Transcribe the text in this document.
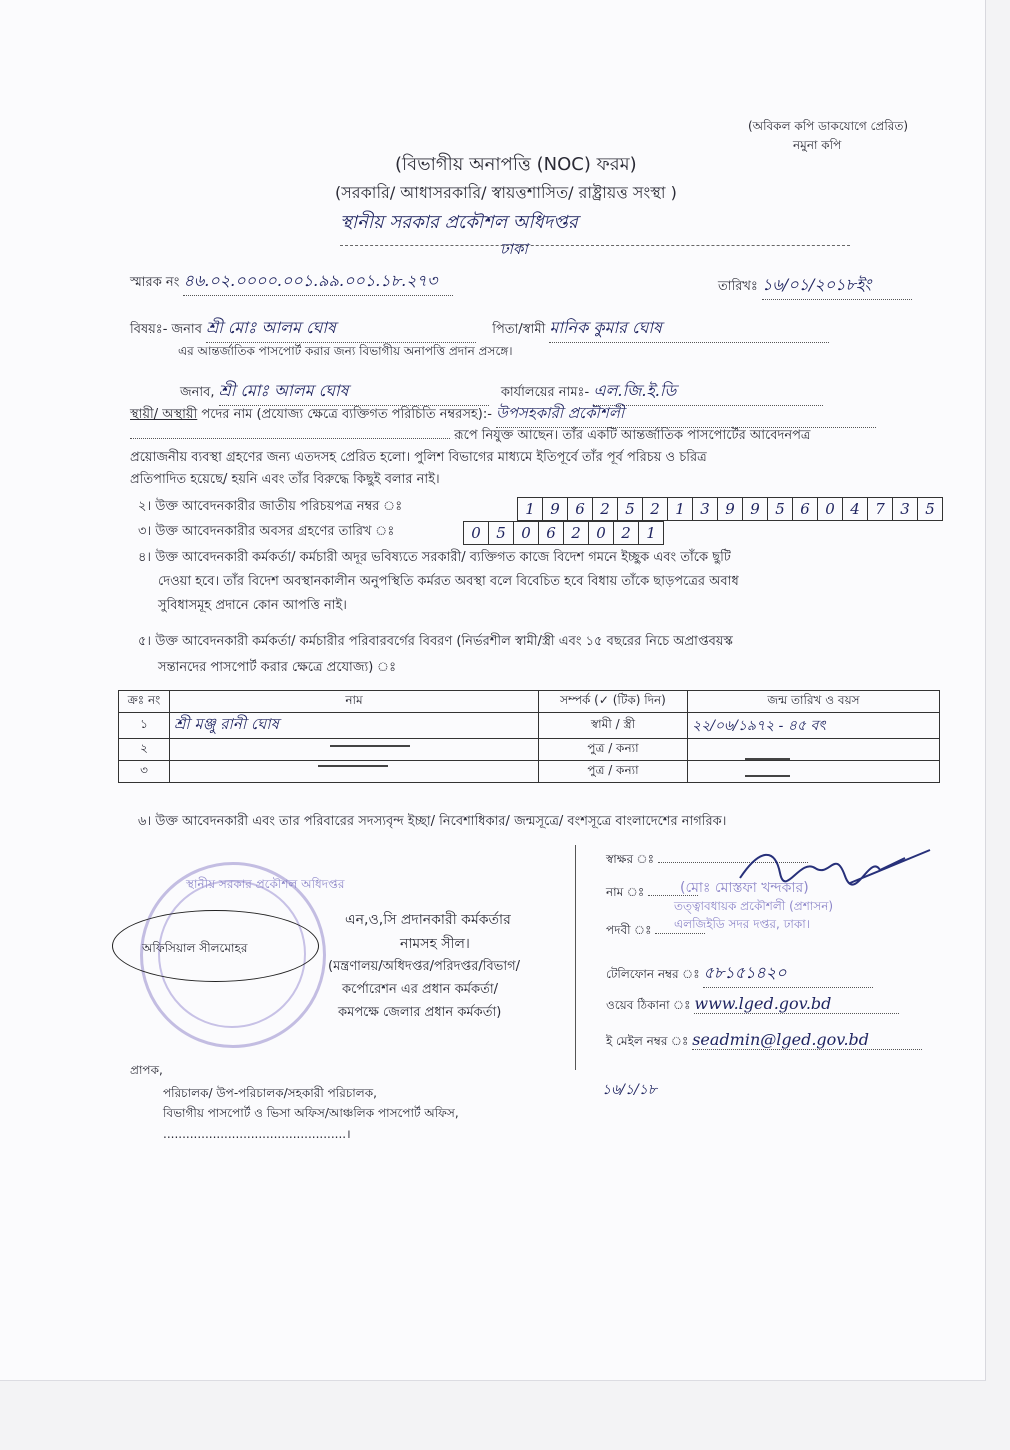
(অবিকল কপি ডাকযোগে প্রেরিত)
নমুনা কপি
(বিভাগীয় অনাপত্তি (NOC) ফরম)
(সরকারি/ আধাসরকারি/ স্বায়ত্তশাসিত/ রাষ্ট্রায়ত্ত সংস্থা )
স্থানীয় সরকার প্রকৌশল অধিদপ্তর
ঢাকা
স্মারক নং ৪৬.০২.০০০০.০০১.৯৯.০০১.১৮.২৭৩	তারিখঃ ১৬/০১/২০১৮ইং
বিষয়ঃ- জনাব শ্রী মোঃ আলম ঘোষ	পিতা/স্বামী মানিক কুমার ঘোষ
এর আন্তর্জাতিক পাসপোর্ট করার জন্য বিভাগীয় অনাপত্তি প্রদান প্রসঙ্গে।
জনাব, শ্রী মোঃ আলম ঘোষ	কার্যালয়ের নামঃ- এল.জি.ই.ডি
স্থায়ী/ অস্থায়ী পদের নাম (প্রযোজ্য ক্ষেত্রে ব্যক্তিগত পরিচিতি নম্বরসহ):- উপসহকারী প্রকৌশলী
রূপে নিযুক্ত আছেন। তাঁর একটি আন্তর্জাতিক পাসপোর্টের আবেদনপত্র
প্রয়োজনীয় ব্যবস্থা গ্রহণের জন্য এতদসহ প্রেরিত হলো। পুলিশ বিভাগের মাধ্যমে ইতিপূর্বে তাঁর পূর্ব পরিচয় ও চরিত্র
প্রতিপাদিত হয়েছে/ হয়নি এবং তাঁর বিরুদ্ধে কিছুই বলার নাই।
২। উক্ত আবেদনকারীর জাতীয় পরিচয়পত্র নম্বর ঃ	1	9	6	2	5	2	1	3	9	9	5	6	0	4	7	3	5
৩। উক্ত আবেদনকারীর অবসর গ্রহণের তারিখ ঃ	0	5	0	6	2	0	2	1
৪। উক্ত আবেদনকারী কর্মকর্তা/ কর্মচারী অদূর ভবিষ্যতে সরকারী/ ব্যক্তিগত কাজে বিদেশ গমনে ইচ্ছুক এবং তাঁকে ছুটি
দেওয়া হবে। তাঁর বিদেশ অবস্থানকালীন অনুপস্থিতি কর্মরত অবস্থা বলে বিবেচিত হবে বিধায় তাঁকে ছাড়পত্রের অবাধ
সুবিধাসমূহ প্রদানে কোন আপত্তি নাই।
৫। উক্ত আবেদনকারী কর্মকর্তা/ কর্মচারীর পরিবারবর্গের বিবরণ (নির্ভরশীল স্বামী/স্ত্রী এবং ১৫ বছরের নিচে অপ্রাপ্তবয়স্ক
সন্তানদের পাসপোর্ট করার ক্ষেত্রে প্রযোজ্য) ঃ
ক্রঃ নং	নাম	সম্পর্ক (✓ (টিক) দিন)	জন্ম তারিখ ও বয়স
১	শ্রী মঞ্জু রানী ঘোষ	স্বামী / স্ত্রী	২২/০৬/১৯৭২ - ৪৫ বৎ
২		পুত্র / কন্যা	
৩		পুত্র / কন্যা	
৬। উক্ত আবেদনকারী এবং তার পরিবারের সদস্যবৃন্দ ইচ্ছা/ নিবেশাধিকার/ জন্মসূত্রে/ বংশসূত্রে বাংলাদেশের নাগরিক।
স্থানীয় সরকার প্রকৌশল অধিদপ্তর
অফিসিয়াল সীলমোহর
এন,ও,সি প্রদানকারী কর্মকর্তার
নামসহ সীল।
(মন্ত্রণালয়/অধিদপ্তর/পরিদপ্তর/বিভাগ/
কর্পোরেশন এর প্রধান কর্মকর্তা/
কমপক্ষে জেলার প্রধান কর্মকর্তা)
স্বাক্ষর ঃ
নাম ঃ	(মোঃ মোস্তফা খন্দকার)
তত্ত্বাবধায়ক প্রকৌশলী (প্রশাসন)
পদবী ঃ	এলজিইডি সদর দপ্তর, ঢাকা।
টেলিফোন নম্বর ঃ ৫৮১৫১৪২০
ওয়েব ঠিকানা ঃ www.lged.gov.bd
ই মেইল নম্বর ঃ seadmin@lged.gov.bd
১৬/১/১৮
প্রাপক,
পরিচালক/ উপ-পরিচালক/সহকারী পরিচালক,
বিভাগীয় পাসপোর্ট ও ভিসা অফিস/আঞ্চলিক পাসপোর্ট অফিস,
................................................।
